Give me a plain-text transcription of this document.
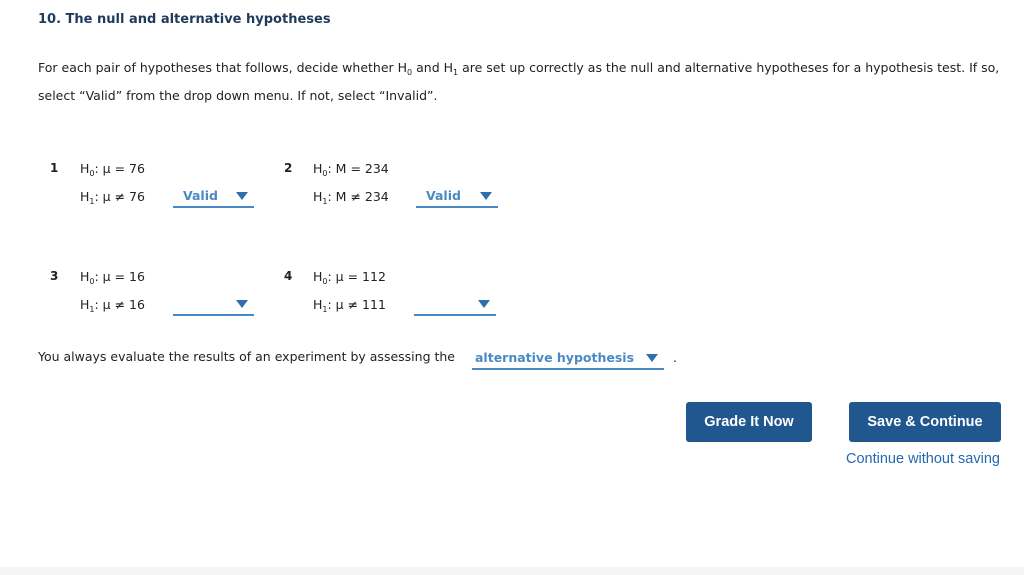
10. The null and alternative hypotheses
For each pair of hypotheses that follows, decide whether $H_0$ and $H_1$ are set up correctly as the null and alternative hypotheses for a hypothesis test. If so, select “Valid” from the drop down menu. If not, select “Invalid”.
1 $H_0$: μ = 76
$H_1$: μ ≠ 76	Valid
2 $H_0$: M = 234
$H_1$: M ≠ 234	Valid
3 $H_0$: μ = 16
$H_1$: μ ≠ 16
4 $H_0$: μ = 112
$H_1$: μ ≠ 111
You always evaluate the results of an experiment by assessing the alternative hypothesis	.
Grade It Now	Save & Continue
Continue without saving
